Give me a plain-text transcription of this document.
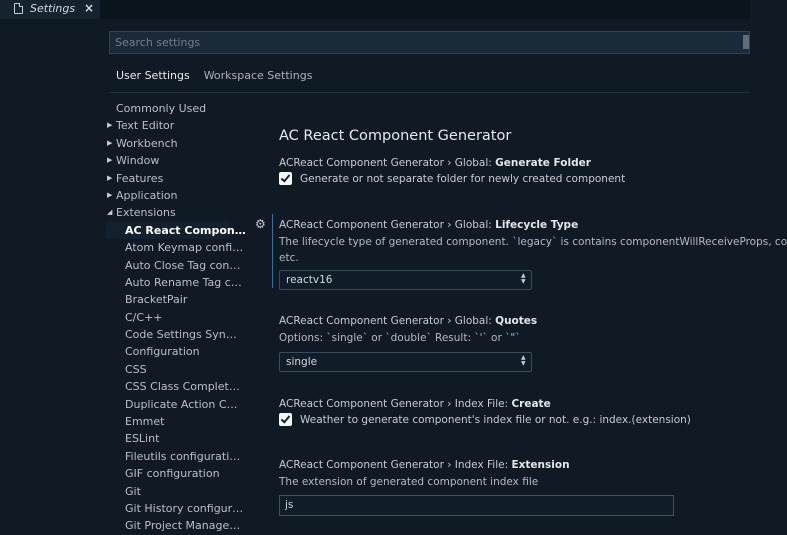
Settings ×
Search settings
User Settings Workspace Settings
Commonly Used
▶ Text Editor
▶ Workbench
▶ Window
▶ Features
▶ Application
◢ Extensions
AC React Compon…
Atom Keymap confi…
Auto Close Tag con…
Auto Rename Tag c…
BracketPair
C/C++
Code Settings Syn…
Configuration
CSS
CSS Class Complet…
Duplicate Action C…
Emmet
ESLint
Fileutils configurati…
GIF configuration
Git
Git History configur…
Git Project Manage…
AC React Component Generator
ACReact Component Generator › Global: Generate Folder
Generate or not separate folder for newly created component
⚙ ACReact Component Generator › Global: Lifecycle Type
The lifecycle type of generated component. `legacy` is contains componentWillReceiveProps, co
etc.
reactv16	▲▼
ACReact Component Generator › Global: Quotes
Options: `single` or `double` Result: `'` or `"`
single	▲▼
ACReact Component Generator › Index File: Create
Weather to generate component's index file or not. e.g.: index.(extension)
ACReact Component Generator › Index File: Extension
The extension of generated component index file
js
